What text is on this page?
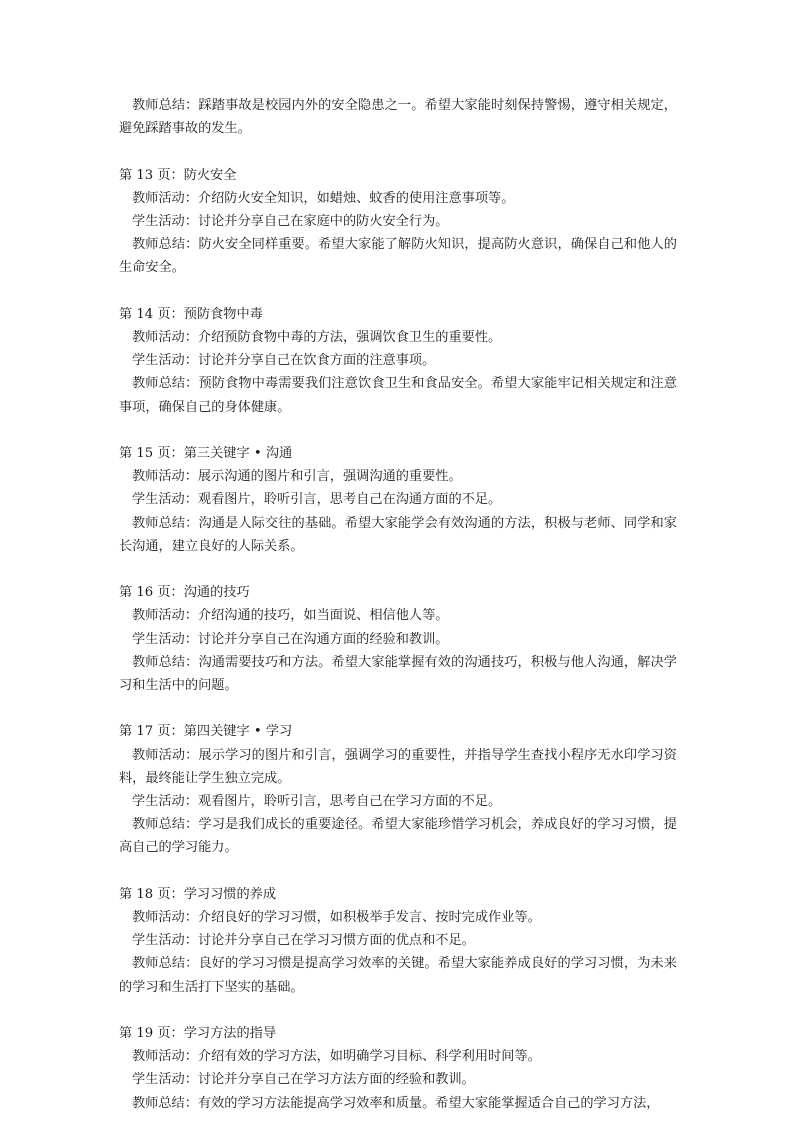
教师总结：踩踏事故是校园内外的安全隐患之一。希望大家能时刻保持警惕，遵守相关规定，避免踩踏事故的发生。
第 13 页：防火安全
教师活动：介绍防火安全知识，如蜡烛、蚊香的使用注意事项等。
学生活动：讨论并分享自己在家庭中的防火安全行为。
教师总结：防火安全同样重要。希望大家能了解防火知识，提高防火意识，确保自己和他人的生命安全。
第 14 页：预防食物中毒
教师活动：介绍预防食物中毒的方法，强调饮食卫生的重要性。
学生活动：讨论并分享自己在饮食方面的注意事项。
教师总结：预防食物中毒需要我们注意饮食卫生和食品安全。希望大家能牢记相关规定和注意事项，确保自己的身体健康。
第 15 页：第三关键字 • 沟通
教师活动：展示沟通的图片和引言，强调沟通的重要性。
学生活动：观看图片，聆听引言，思考自己在沟通方面的不足。
教师总结：沟通是人际交往的基础。希望大家能学会有效沟通的方法，积极与老师、同学和家长沟通，建立良好的人际关系。
第 16 页：沟通的技巧
教师活动：介绍沟通的技巧，如当面说、相信他人等。
学生活动：讨论并分享自己在沟通方面的经验和教训。
教师总结：沟通需要技巧和方法。希望大家能掌握有效的沟通技巧，积极与他人沟通，解决学习和生活中的问题。
第 17 页：第四关键字 • 学习
教师活动：展示学习的图片和引言，强调学习的重要性，并指导学生查找小程序无水印学习资料，最终能让学生独立完成。
学生活动：观看图片，聆听引言，思考自己在学习方面的不足。
教师总结：学习是我们成长的重要途径。希望大家能珍惜学习机会，养成良好的学习习惯，提高自己的学习能力。
第 18 页：学习习惯的养成
教师活动：介绍良好的学习习惯，如积极举手发言、按时完成作业等。
学生活动：讨论并分享自己在学习习惯方面的优点和不足。
教师总结：良好的学习习惯是提高学习效率的关键。希望大家能养成良好的学习习惯，为未来的学习和生活打下坚实的基础。
第 19 页：学习方法的指导
教师活动：介绍有效的学习方法，如明确学习目标、科学利用时间等。
学生活动：讨论并分享自己在学习方法方面的经验和教训。
教师总结：有效的学习方法能提高学习效率和质量。希望大家能掌握适合自己的学习方法，
